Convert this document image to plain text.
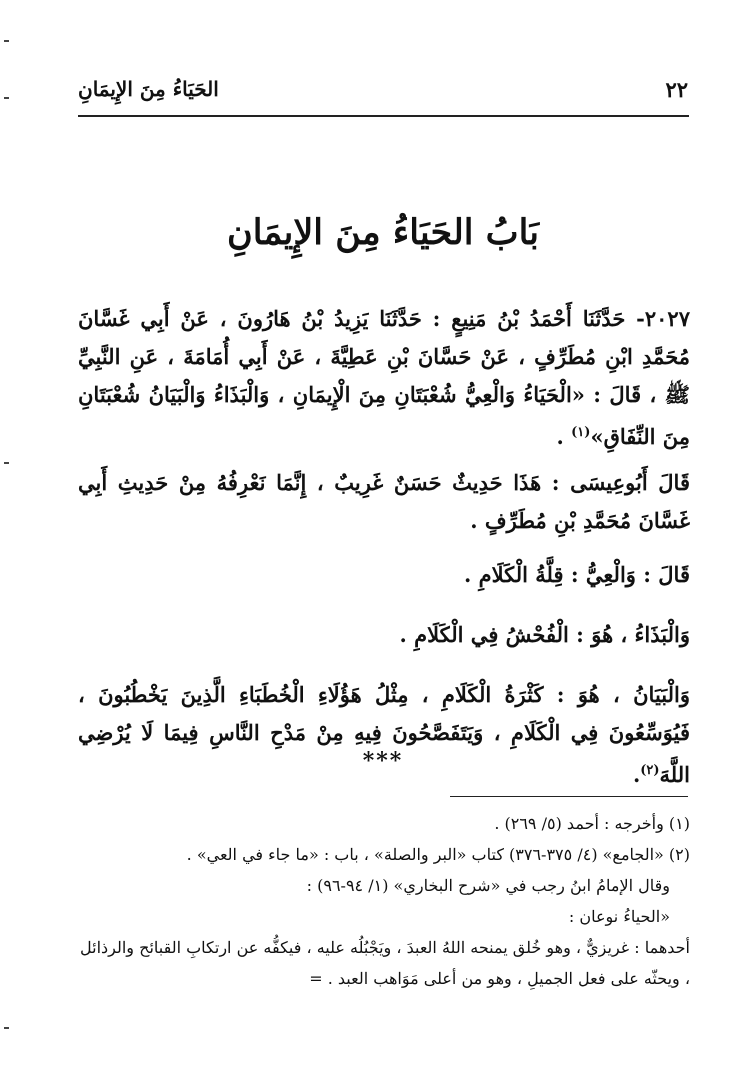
٢٢
الحَيَاءُ مِنَ الإِيمَانِ
بَابُ الحَيَاءُ مِنَ الإِيمَانِ

٢٠٢٧- حَدَّثَنَا أَحْمَدُ بْنُ مَنِيعٍ : حَدَّثَنَا يَزِيدُ بْنُ هَارُونَ ، عَنْ أَبِي غَسَّانَ مُحَمَّدِ ابْنِ مُطَرِّفٍ ، عَنْ حَسَّانَ بْنِ عَطِيَّةَ ، عَنْ أَبِي أُمَامَةَ ، عَنِ النَّبِيِّ ﷺ ، قَالَ : «الْحَيَاءُ وَالْعِيُّ شُعْبَتَانِ مِنَ الْإِيمَانِ ، وَالْبَذَاءُ وَالْبَيَانُ شُعْبَتَانِ مِنَ النِّفَاقِ»$^{(١)}$ .

قَالَ أَبُوعِيسَى : هَذَا حَدِيثٌ حَسَنٌ غَرِيبٌ ، إِنَّمَا نَعْرِفُهُ مِنْ حَدِيثِ أَبِي غَسَّانَ مُحَمَّدِ بْنِ مُطَرِّفٍ .

قَالَ : وَالْعِيُّ : قِلَّةُ الْكَلَامِ .

وَالْبَذَاءُ ، هُوَ : الْفُحْشُ فِي الْكَلَامِ .

وَالْبَيَانُ ، هُوَ : كَثْرَةُ الْكَلَامِ ، مِثْلُ هَؤُلَاءِ الْخُطَبَاءِ الَّذِينَ يَخْطُبُونَ ، فَيُوَسِّعُونَ فِي الْكَلَامِ ، وَيَتَفَصَّحُونَ فِيهِ مِنْ مَدْحِ النَّاسِ فِيمَا لَا يُرْضِي اللَّهَ$^{(٢)}$.

***

(١) وأخرجه : أحمد (٥/ ٢٦٩) .

(٢) «الجامع» (٤/ ٣٧٥-٣٧٦) كتاب «البر والصلة» ، باب : «ما جاء في العي» .

وقال الإمامُ ابنُ رجب في «شرح البخاري» (١/ ٩٤-٩٦) :

«الحياءُ نوعان :

أحدهما : غريزيٌّ ، وهو خُلق يمنحه اللهُ العبدَ ، ويَجْبُلُه عليه ، فيكفُّه عن ارتكابِ القبائح والرذائل ، ويحثّه على فعل الجميلِ ، وهو من أعلى مَوَاهب العبد . =
